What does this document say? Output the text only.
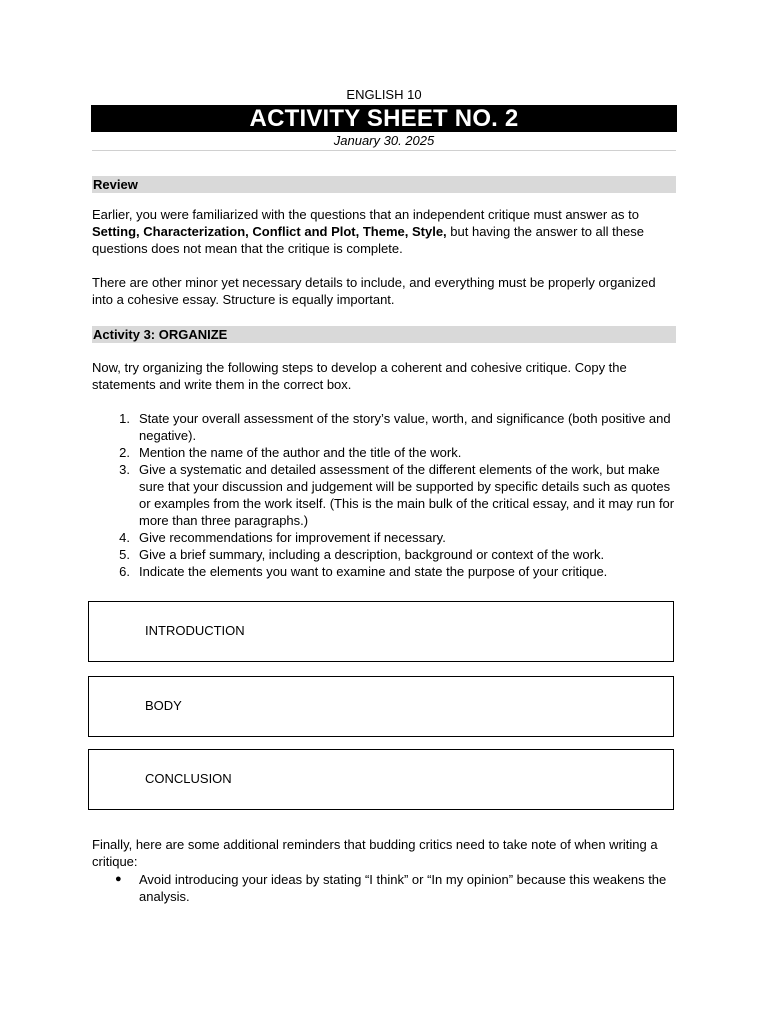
ENGLISH 10
ACTIVITY SHEET NO. 2
January 30. 2025
Review

Earlier, you were familiarized with the questions that an independent critique must answer as to Setting, Characterization, Conflict and Plot, Theme, Style, but having the answer to all these questions does not mean that the critique is complete.

There are other minor yet necessary details to include, and everything must be properly organized into a cohesive essay. Structure is equally important.

Activity 3: ORGANIZE

Now, try organizing the following steps to develop a coherent and cohesive critique. Copy the statements and write them in the correct box.

1. State your overall assessment of the story’s value, worth, and significance (both positive and negative).
2. Mention the name of the author and the title of the work.
3. Give a systematic and detailed assessment of the different elements of the work, but make sure that your discussion and judgement will be supported by specific details such as quotes or examples from the work itself. (This is the main bulk of the critical essay, and it may run for more than three paragraphs.)
4. Give recommendations for improvement if necessary.
5. Give a brief summary, including a description, background or context of the work.
6. Indicate the elements you want to examine and state the purpose of your critique.
INTRODUCTION
BODY
CONCLUSION

Finally, here are some additional reminders that budding critics need to take note of when writing a critique:

● Avoid introducing your ideas by stating “I think” or “In my opinion” because this weakens the analysis.
